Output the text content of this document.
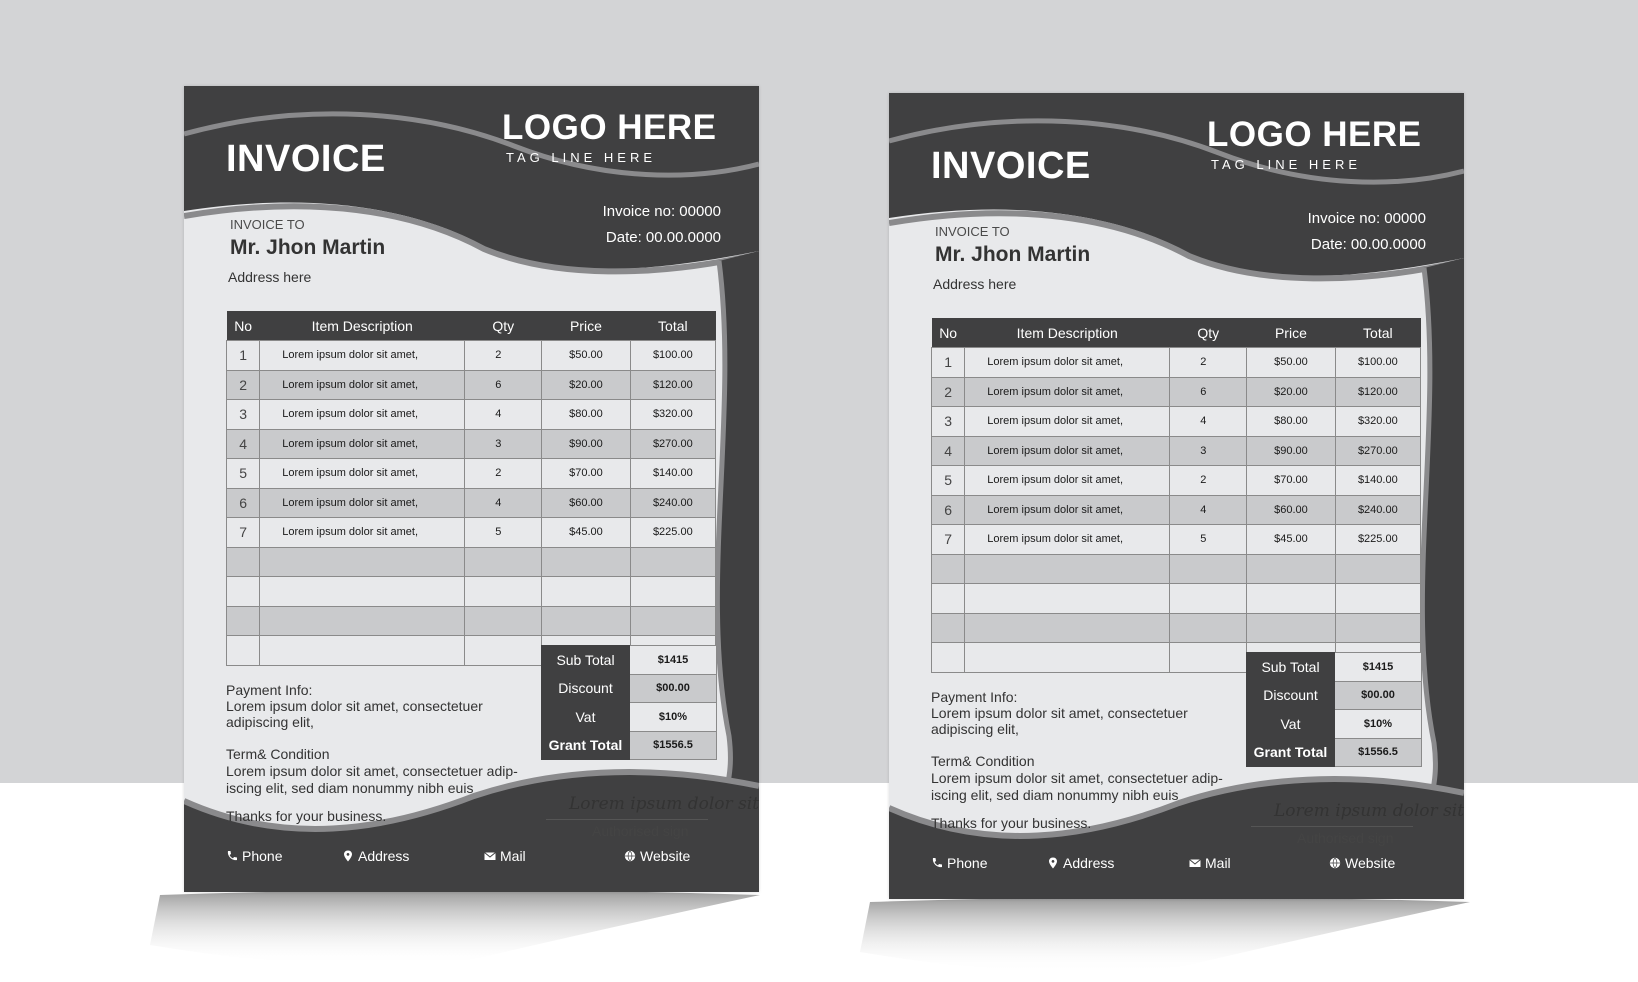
INVOICE
LOGO HERE
TAG LINE HERE
Invoice no: 00000
Date: 00.00.0000
INVOICE TO
Mr. Jhon Martin
Address here
No	Item Description	Qty	Price	Total
1	Lorem ipsum dolor sit amet,	2	$50.00	$100.00
2	Lorem ipsum dolor sit amet,	6	$20.00	$120.00
3	Lorem ipsum dolor sit amet,	4	$80.00	$320.00
4	Lorem ipsum dolor sit amet,	3	$90.00	$270.00
5	Lorem ipsum dolor sit amet,	2	$70.00	$140.00
6	Lorem ipsum dolor sit amet,	4	$60.00	$240.00
7	Lorem ipsum dolor sit amet,	5	$45.00	$225.00

Sub Total	$1415
Discount	$00.00
Vat	$10%
Grant Total	$1556.5
Payment Info:
Lorem ipsum dolor sit amet, consectetuer adipiscing elit,
Term& Condition
Lorem ipsum dolor sit amet, consectetuer adip-iscing elit, sed diam nonummy nibh euis
Thanks for your business.
Lorem ipsum dolor sit
Authorised sign
Phone	Address	Mail	Website
INVOICE
LOGO HERE
TAG LINE HERE
Invoice no: 00000
Date: 00.00.0000
INVOICE TO
Mr. Jhon Martin
Address here
No	Item Description	Qty	Price	Total
1	Lorem ipsum dolor sit amet,	2	$50.00	$100.00
2	Lorem ipsum dolor sit amet,	6	$20.00	$120.00
3	Lorem ipsum dolor sit amet,	4	$80.00	$320.00
4	Lorem ipsum dolor sit amet,	3	$90.00	$270.00
5	Lorem ipsum dolor sit amet,	2	$70.00	$140.00
6	Lorem ipsum dolor sit amet,	4	$60.00	$240.00
7	Lorem ipsum dolor sit amet,	5	$45.00	$225.00

Sub Total	$1415
Discount	$00.00
Vat	$10%
Grant Total	$1556.5
Payment Info:
Lorem ipsum dolor sit amet, consectetuer adipiscing elit,
Term& Condition
Lorem ipsum dolor sit amet, consectetuer adip-iscing elit, sed diam nonummy nibh euis
Thanks for your business.
Lorem ipsum dolor sit
Authorised sign
Phone	Address	Mail	Website
